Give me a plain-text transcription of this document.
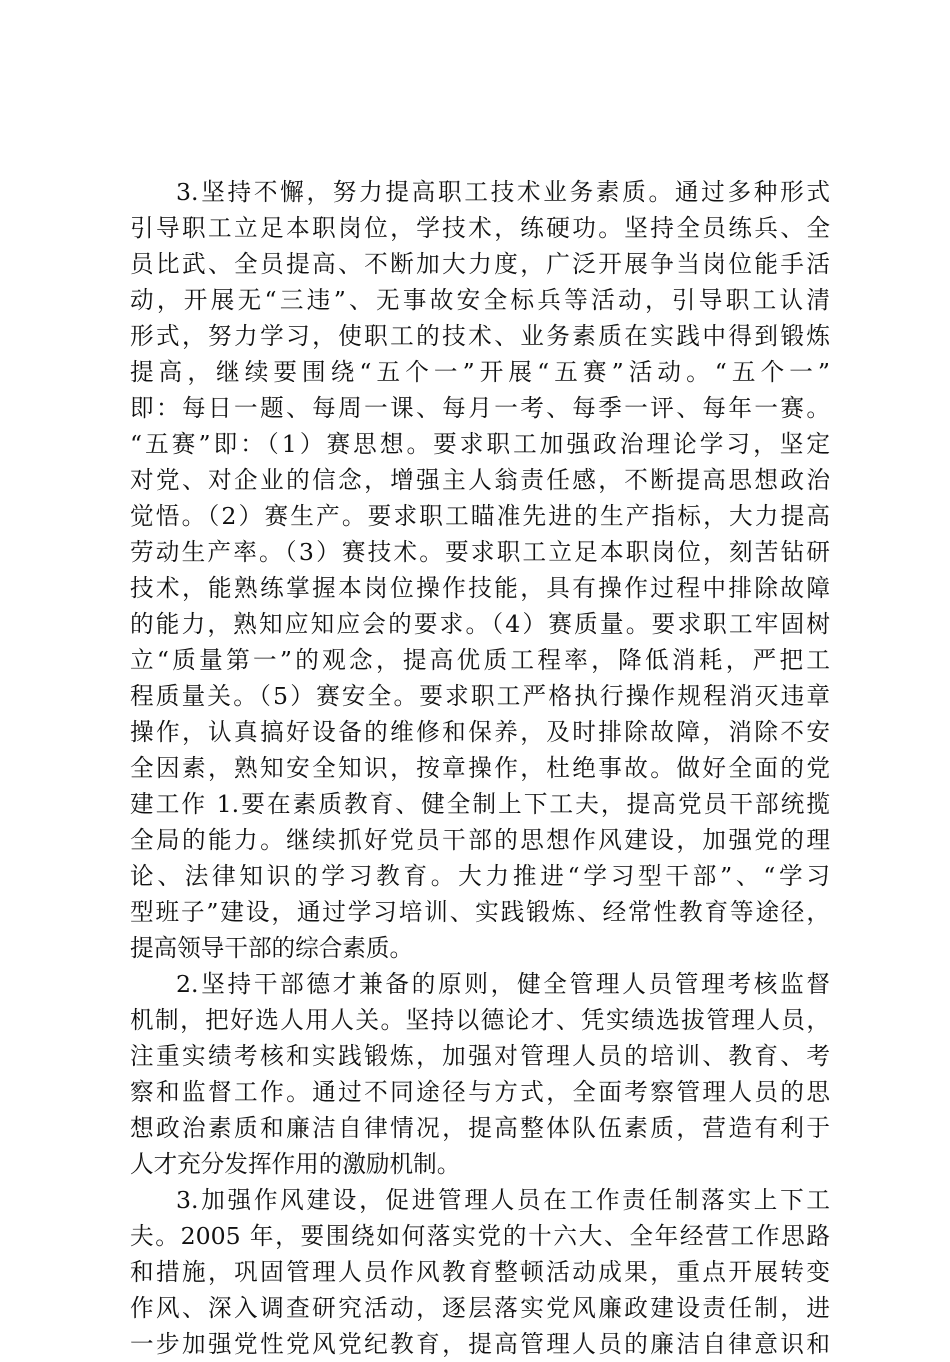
3.坚持不懈，努力提高职工技术业务素质。通过多种形式
引导职工立足本职岗位，学技术，练硬功。坚持全员练兵、全
员比武、全员提高、不断加大力度，广泛开展争当岗位能手活
动，开展无“三违”、无事故安全标兵等活动，引导职工认清
形式，努力学习，使职工的技术、业务素质在实践中得到锻炼
提高，继续要围绕“五个一”开展“五赛”活动。“五个一”
即：每日一题、每周一课、每月一考、每季一评、每年一赛。
“五赛”即：（1）赛思想。要求职工加强政治理论学习，坚定
对党、对企业的信念，增强主人翁责任感，不断提高思想政治
觉悟。（2）赛生产。要求职工瞄准先进的生产指标，大力提高
劳动生产率。（3）赛技术。要求职工立足本职岗位，刻苦钻研
技术，能熟练掌握本岗位操作技能，具有操作过程中排除故障
的能力，熟知应知应会的要求。（4）赛质量。要求职工牢固树
立“质量第一”的观念，提高优质工程率，降低消耗，严把工
程质量关。（5）赛安全。要求职工严格执行操作规程消灭违章
操作，认真搞好设备的维修和保养，及时排除故障，消除不安
全因素，熟知安全知识，按章操作，杜绝事故。做好全面的党
建工作 1.要在素质教育、健全制上下工夫，提高党员干部统揽
全局的能力。继续抓好党员干部的思想作风建设，加强党的理
论、法律知识的学习教育。大力推进“学习型干部”、“学习
型班子”建设，通过学习培训、实践锻炼、经常性教育等途径，
提高领导干部的综合素质。
2.坚持干部德才兼备的原则，健全管理人员管理考核监督
机制，把好选人用人关。坚持以德论才、凭实绩选拔管理人员，
注重实绩考核和实践锻炼，加强对管理人员的培训、教育、考
察和监督工作。通过不同途径与方式，全面考察管理人员的思
想政治素质和廉洁自律情况，提高整体队伍素质，营造有利于
人才充分发挥作用的激励机制。
3.加强作风建设，促进管理人员在工作责任制落实上下工
夫。2005 年，要围绕如何落实党的十六大、全年经营工作思路
和措施，巩固管理人员作风教育整顿活动成果，重点开展转变
作风、深入调查研究活动，逐层落实党风廉政建设责任制，进
一步加强党性党风党纪教育，提高管理人员的廉洁自律意识和
